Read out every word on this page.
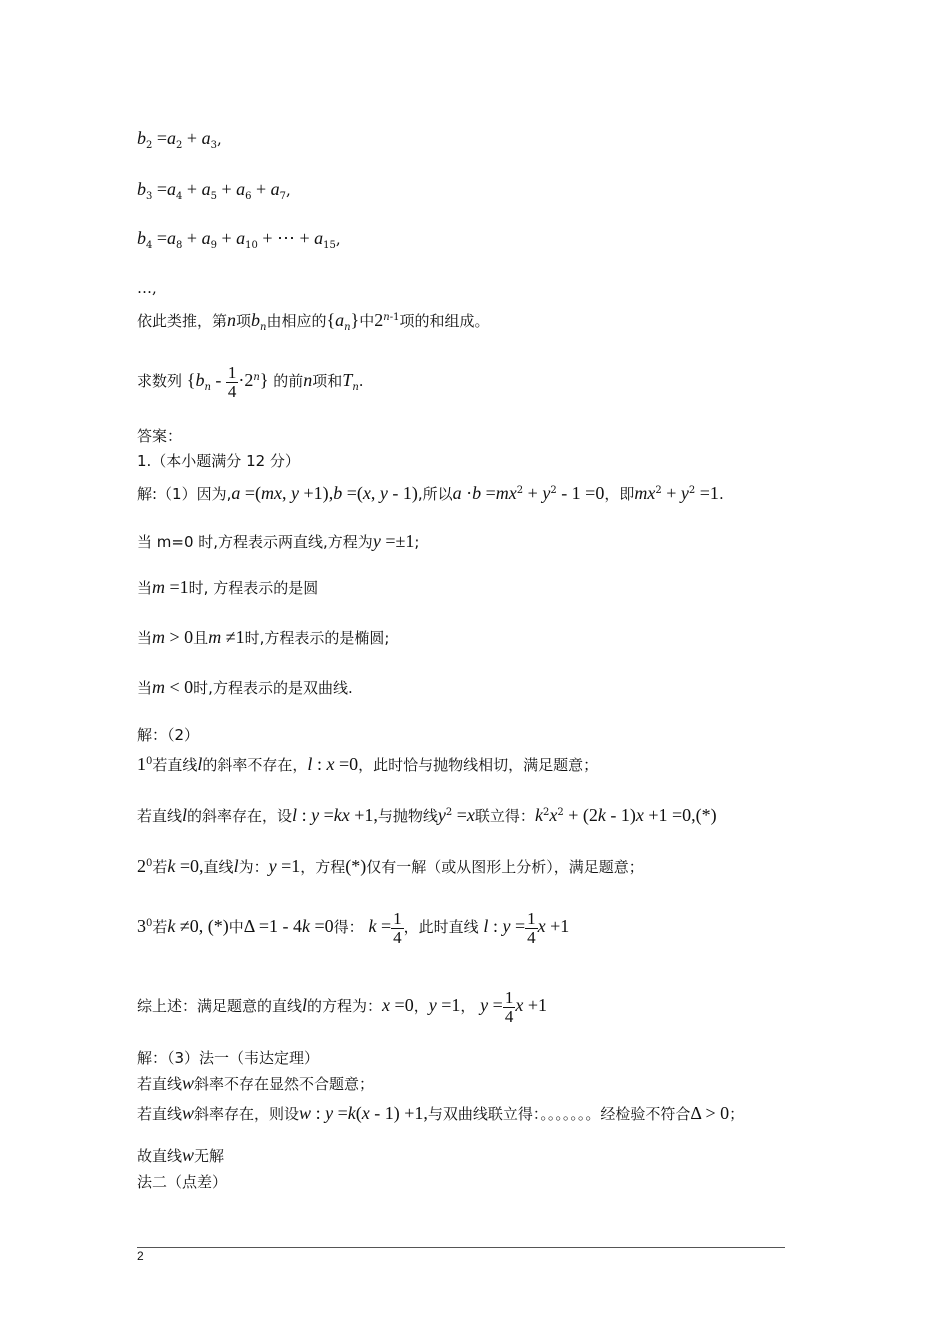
$b_2 =a_2 + a_3$,
$b_3 =a_4 + a_5 + a_6 + a_7$,
$b_4 =a_8 + a_9 + a_{10}$ + ⋯ + $a_{15}$,
…,
依此类推，第n项$b_n$由相应的$\{a_n\}$中2$^{n-1}$项的和组成。
求数列 $\{b_n - \frac{1}{4} \cdot 2^n\}$ 的前n项和$T_n$.
答案：
1.（本小题满分 12 分）
解:（1）因为,a =(mx, y +1),b =(x, y - 1),所以$a \cdot b =mx^2 + y^2 - 1 =0$，即$mx^2 + y^2 =1$.
当 m=0 时,方程表示两直线,方程为y =±1;
当m =1时, 方程表示的是圆
当m > 0且m ≠1时,方程表示的是椭圆;
当m < 0时,方程表示的是双曲线.
解：（2）
$1^0$若直线l的斜率不存在，l : x =0，此时恰与抛物线相切，满足题意；
若直线l的斜率存在，设l : y =kx +1,与抛物线$y^2 =x$联立得：$k^2x^2 + (2k - 1)x +1 =0,(*)$
$2^0$若k =0,直线l为：y =1，方程(*)仅有一解（或从图形上分析），满足题意；
$3^0$若k ≠0, (*)中Δ =1 - 4k =0得： $k = \frac{1}{4}$ ，此时直线 l : $y = \frac{1}{4}$ x +1
综上述：满足题意的直线l的方程为：x =0，y =1， $y = \frac{1}{4}$ x +1
解：（3）法一（韦达定理）
若直线w斜率不存在显然不合题意；
若直线w斜率存在，则设w : y =k(x - 1) +1,与双曲线联立得：。。。。。。。经检验不符合Δ > 0；
故直线w无解
法二（点差）
2
